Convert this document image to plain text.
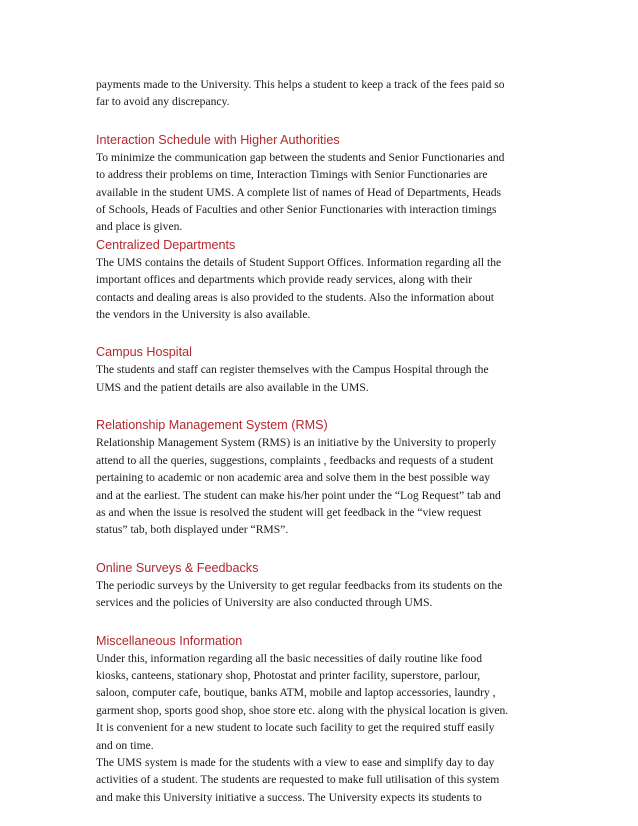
payments made to the University. This helps a student to keep a track of the fees paid so
far to avoid any discrepancy.

Interaction Schedule with Higher Authorities

To minimize the communication gap between the students and Senior Functionaries and
to address their problems on time, Interaction Timings with Senior Functionaries are
available in the student UMS. A complete list of names of Head of Departments, Heads
of Schools, Heads of Faculties and other Senior Functionaries with interaction timings
and place is given.

Centralized Departments

The UMS contains the details of Student Support Offices. Information regarding all the
important offices and departments which provide ready services, along with their
contacts and dealing areas is also provided to the students. Also the information about
the vendors in the University is also available.

Campus Hospital

The students and staff can register themselves with the Campus Hospital through the
UMS and the patient details are also available in the UMS.

Relationship Management System (RMS)

Relationship Management System (RMS) is an initiative by the University to properly
attend to all the queries, suggestions, complaints , feedbacks and requests of a student
pertaining to academic or non academic area and solve them in the best possible way
and at the earliest. The student can make his/her point under the “Log Request” tab and
as and when the issue is resolved the student will get feedback in the “view request
status” tab, both displayed under “RMS”.

Online Surveys & Feedbacks

The periodic surveys by the University to get regular feedbacks from its students on the
services and the policies of University are also conducted through UMS.

Miscellaneous Information

Under this, information regarding all the basic necessities of daily routine like food
kiosks, canteens, stationary shop, Photostat and printer facility, superstore, parlour,
saloon, computer cafe, boutique, banks ATM, mobile and laptop accessories, laundry ,
garment shop, sports good shop, shoe store etc. along with the physical location is given.
It is convenient for a new student to locate such facility to get the required stuff easily
and on time.
The UMS system is made for the students with a view to ease and simplify day to day
activities of a student. The students are requested to make full utilisation of this system
and make this University initiative a success. The University expects its students to
